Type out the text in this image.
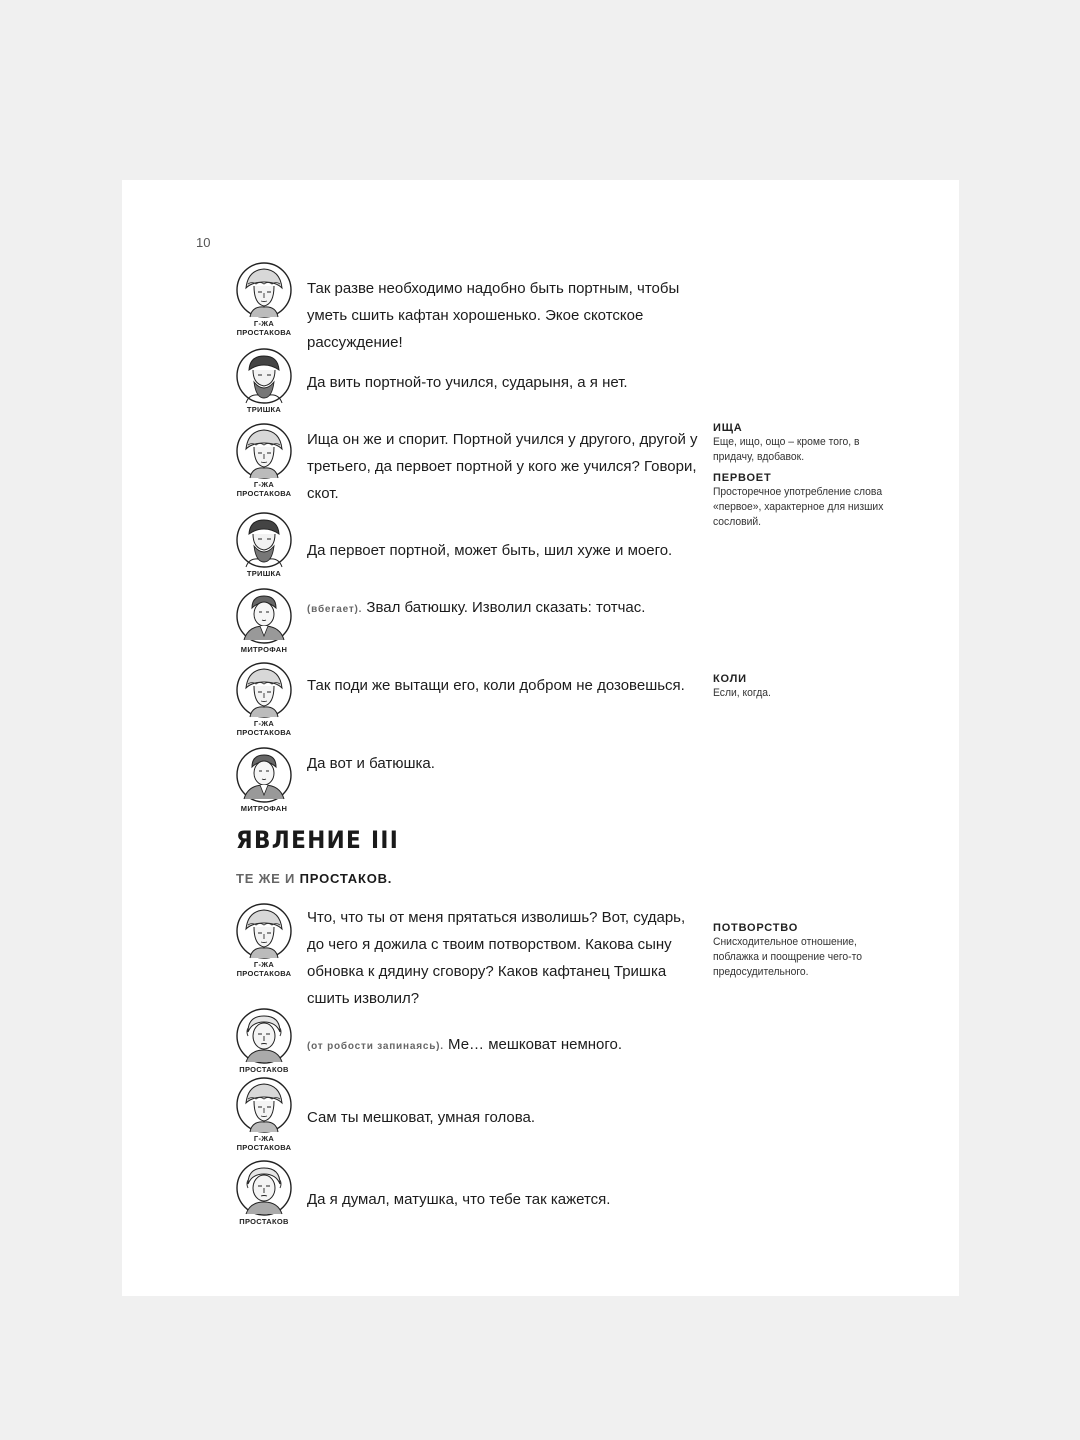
10
Г-ЖА ПРОСТАКОВА
ТРИШКА
Г-ЖА ПРОСТАКОВА
ТРИШКА
МИТРОФАН
Г-ЖА ПРОСТАКОВА
МИТРОФАН
Г-ЖА ПРОСТАКОВА
ПРОСТАКОВ
Г-ЖА ПРОСТАКОВА
ПРОСТАКОВ
Так разве необходимо надобно быть портным, чтобы уметь сшить кафтан хорошенько. Экое скотское рассуждение!
Да вить портной-то учился, сударыня, а я нет.
Ища он же и спорит. Портной учился у другого, другой у третьего, да первоет портной у кого же учился? Говори, скот.
Да первоет портной, может быть, шил хуже и моего.
(вбегает). Звал батюшку. Изволил сказать: тотчас.
Так поди же вытащи его, коли добром не дозовешься.
Да вот и батюшка.
ЯВЛЕНИЕ III
ТЕ ЖЕ И ПРОСТАКОВ.
Что, что ты от меня прятаться изволишь? Вот, сударь, до чего я дожила с твоим потворством. Какова сыну обновка к дядину сговору? Каков кафтанец Тришка сшить изволил?
(от робости запинаясь). Ме… мешковат немного.
Сам ты мешковат, умная голова.
Да я думал, матушка, что тебе так кажется.
ИЩА
Еще, ищо, ощо – кроме того, в придачу, вдобавок.
ПЕРВОЕТ
Просторечное употребление слова «первое», характерное для низших сословий.
КОЛИ
Если, когда.
ПОТВОРСТВО
Снисходительное отношение, поблажка и поощрение чего-то предосудительного.
